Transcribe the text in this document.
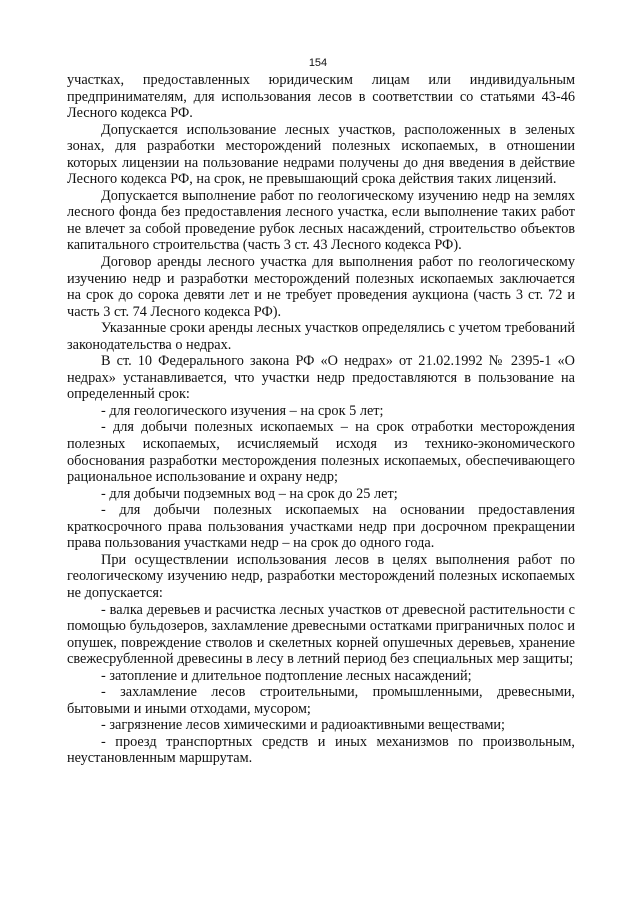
154

участках, предоставленных юридическим лицам или индивидуальным предпринимателям, для использования лесов в соответствии со статьями 43-46 Лесного кодекса РФ.

Допускается использование лесных участков, расположенных в зеленых зонах, для разработки месторождений полезных ископаемых, в отношении которых лицензии на пользование недрами получены до дня введения в действие Лесного кодекса РФ, на срок, не превышающий срока действия таких лицензий.

Допускается выполнение работ по геологическому изучению недр на землях лесного фонда без предоставления лесного участка, если выполнение таких работ не влечет за собой проведение рубок лесных насаждений, строительство объектов капитального строительства (часть 3 ст. 43 Лесного кодекса РФ).

Договор аренды лесного участка для выполнения работ по геологическому изучению недр и разработки месторождений полезных ископаемых заключается на срок до сорока девяти лет и не требует проведения аукциона (часть 3 ст. 72 и часть 3 ст. 74 Лесного кодекса РФ).

Указанные сроки аренды лесных участков определялись с учетом требований законодательства о недрах.

В ст. 10 Федерального закона РФ «О недрах» от 21.02.1992 № 2395-1 «О недрах» устанавливается, что участки недр предоставляются в пользование на определенный срок:

- для геологического изучения – на срок 5 лет;

- для добычи полезных ископаемых – на срок отработки месторождения полезных ископаемых, исчисляемый исходя из технико-экономического обоснования разработки месторождения полезных ископаемых, обеспечивающего рациональное использование и охрану недр;

- для добычи подземных вод – на срок до 25 лет;

- для добычи полезных ископаемых на основании предоставления краткосрочного права пользования участками недр при досрочном прекращении права пользования участками недр – на срок до одного года.

При осуществлении использования лесов в целях выполнения работ по геологическому изучению недр, разработки месторождений полезных ископаемых не допускается:

- валка деревьев и расчистка лесных участков от древесной растительности с помощью бульдозеров, захламление древесными остатками приграничных полос и опушек, повреждение стволов и скелетных корней опушечных деревьев, хранение свежесрубленной древесины в лесу в летний период без специальных мер защиты;

- затопление и длительное подтопление лесных насаждений;

- захламление лесов строительными, промышленными, древесными, бытовыми и иными отходами, мусором;

- загрязнение лесов химическими и радиоактивными веществами;

- проезд транспортных средств и иных механизмов по произвольным, неустановленным маршрутам.
